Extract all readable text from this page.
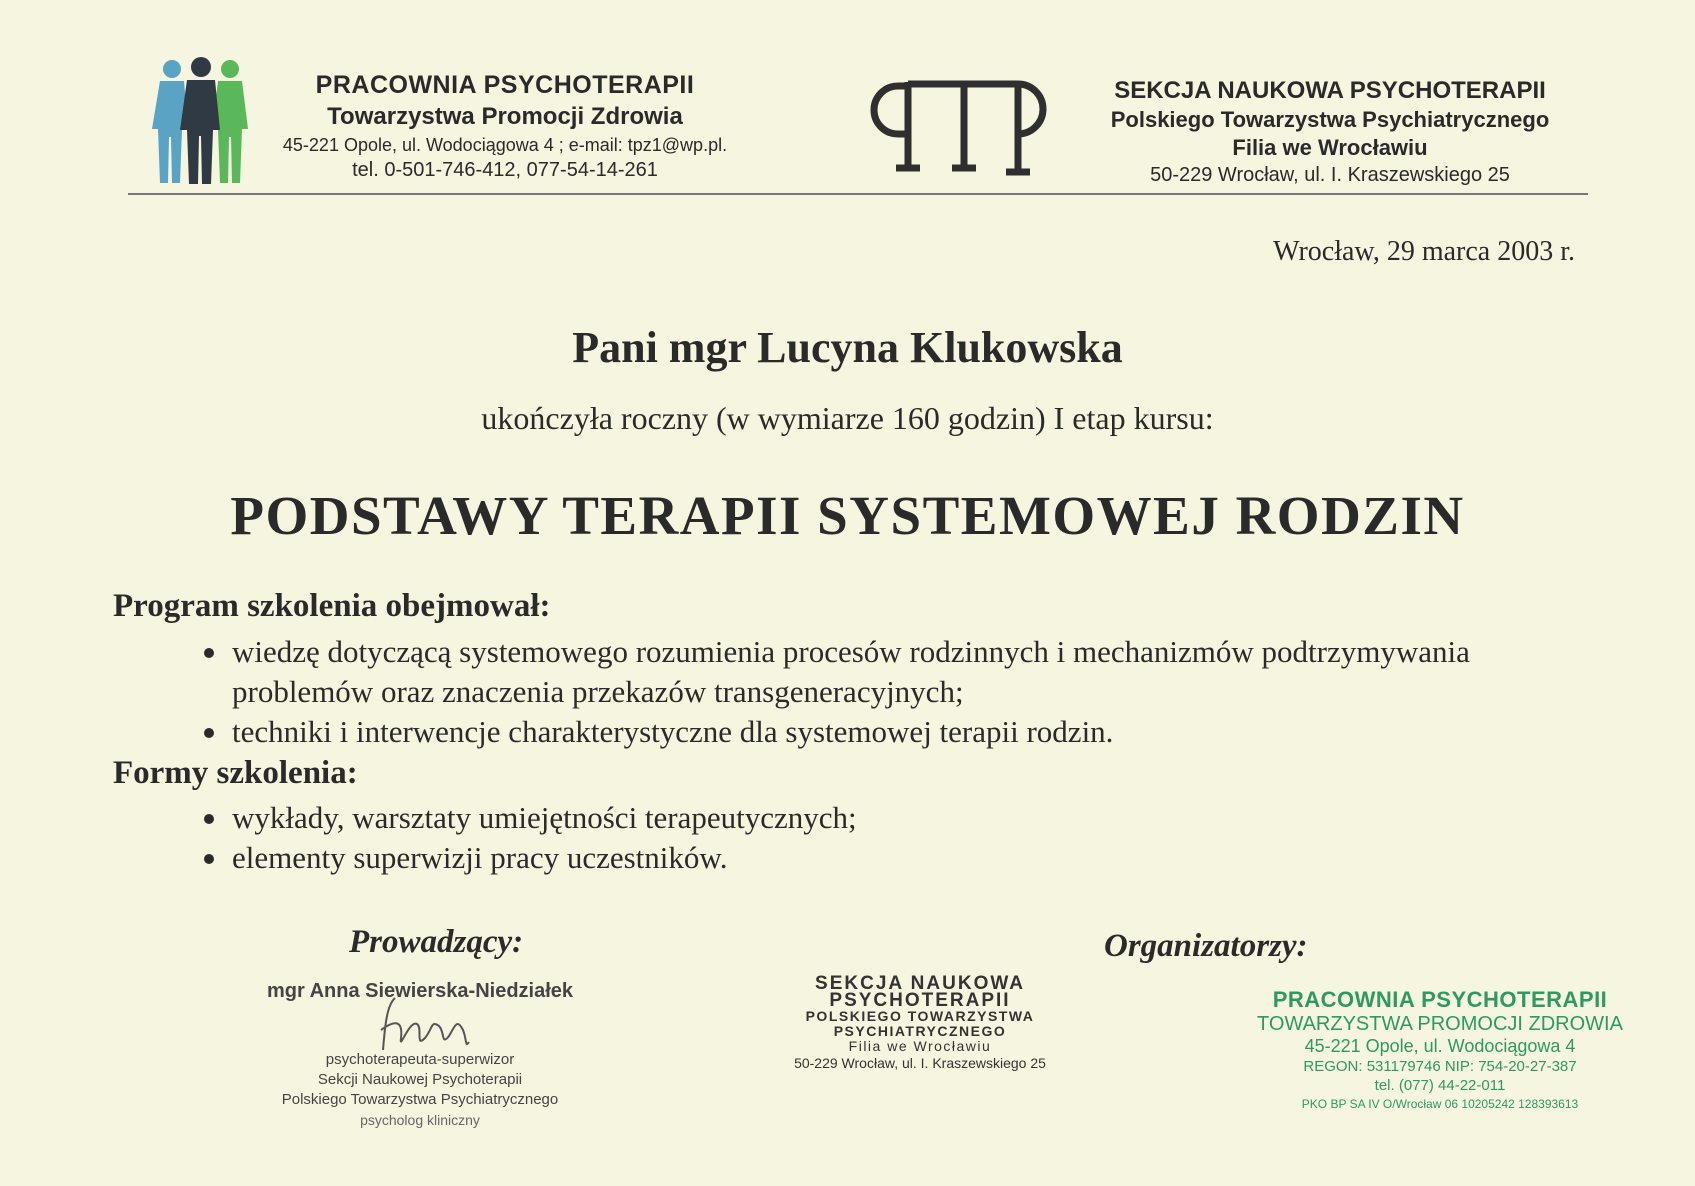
PRACOWNIA PSYCHOTERAPII
Towarzystwa Promocji Zdrowia
45-221 Opole, ul. Wodociągowa 4 ; e-mail: tpz1@wp.pl.
tel. 0-501-746-412, 077-54-14-261
SEKCJA NAUKOWA PSYCHOTERAPII
Polskiego Towarzystwa Psychiatrycznego
Filia we Wrocławiu
50-229 Wrocław, ul. I. Kraszewskiego 25
Wrocław, 29 marca 2003 r.
Pani mgr Lucyna Klukowska
ukończyła roczny (w wymiarze 160 godzin) I etap kursu:
PODSTAWY TERAPII SYSTEMOWEJ RODZIN
Program szkolenia obejmował:
wiedzę dotyczącą systemowego rozumienia procesów rodzinnych i mechanizmów podtrzymywania problemów oraz znaczenia przekazów transgeneracyjnych;
techniki i interwencje charakterystyczne dla systemowej terapii rodzin.
Formy szkolenia:
wykłady, warsztaty umiejętności terapeutycznych;
elementy superwizji pracy uczestników.
Prowadzący:	Organizatorzy:
mgr Anna Siewierska-Niedziałek
psychoterapeuta-superwizor
Sekcji Naukowej Psychoterapii
Polskiego Towarzystwa Psychiatrycznego
psycholog kliniczny
SEKCJA NAUKOWA
PSYCHOTERAPII
POLSKIEGO TOWARZYSTWA
PSYCHIATRYCZNEGO
Filia we Wrocławiu
50-229 Wrocław, ul. I. Kraszewskiego 25
PRACOWNIA PSYCHOTERAPII
TOWARZYSTWA PROMOCJI ZDROWIA
45-221 Opole, ul. Wodociągowa 4
REGON: 531179746 NIP: 754-20-27-387
tel. (077) 44-22-011
PKO BP SA IV O/Wrocław 06 10205242 128393613
